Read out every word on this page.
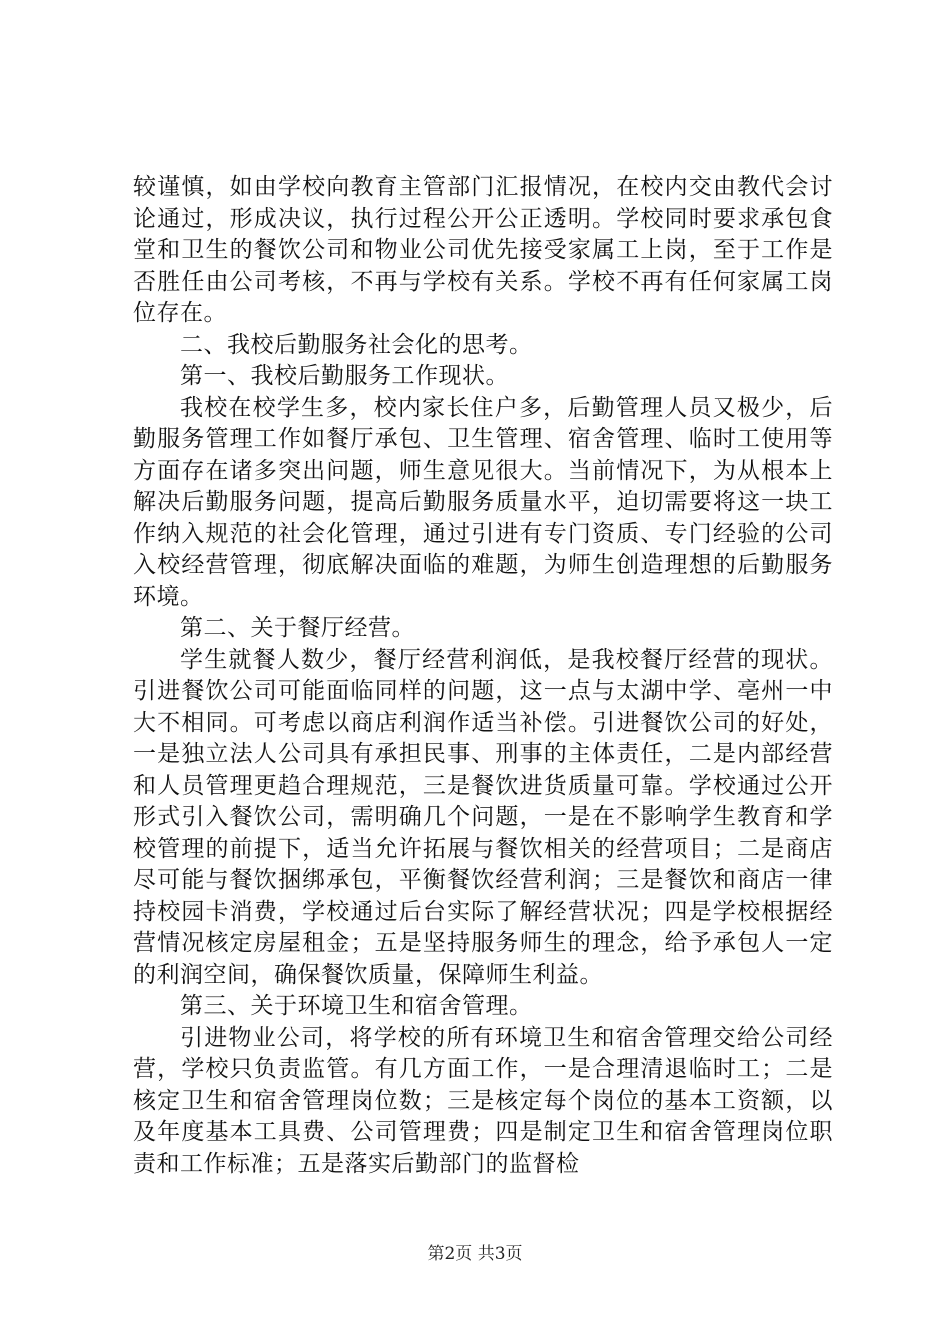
较谨慎，如由学校向教育主管部门汇报情况，在校内交由教代会讨论通过，形成决议，执行过程公开公正透明。学校同时要求承包食堂和卫生的餐饮公司和物业公司优先接受家属工上岗，至于工作是否胜任由公司考核，不再与学校有关系。学校不再有任何家属工岗位存在。

二、我校后勤服务社会化的思考。

第一、我校后勤服务工作现状。

我校在校学生多，校内家长住户多，后勤管理人员又极少，后勤服务管理工作如餐厅承包、卫生管理、宿舍管理、临时工使用等方面存在诸多突出问题，师生意见很大。当前情况下，为从根本上解决后勤服务问题，提高后勤服务质量水平，迫切需要将这一块工作纳入规范的社会化管理，通过引进有专门资质、专门经验的公司入校经营管理，彻底解决面临的难题，为师生创造理想的后勤服务环境。

第二、关于餐厅经营。

学生就餐人数少，餐厅经营利润低，是我校餐厅经营的现状。引进餐饮公司可能面临同样的问题，这一点与太湖中学、亳州一中大不相同。可考虑以商店利润作适当补偿。引进餐饮公司的好处，一是独立法人公司具有承担民事、刑事的主体责任，二是内部经营和人员管理更趋合理规范，三是餐饮进货质量可靠。学校通过公开形式引入餐饮公司，需明确几个问题，一是在不影响学生教育和学校管理的前提下，适当允许拓展与餐饮相关的经营项目；二是商店尽可能与餐饮捆绑承包，平衡餐饮经营利润；三是餐饮和商店一律持校园卡消费，学校通过后台实际了解经营状况；四是学校根据经营情况核定房屋租金；五是坚持服务师生的理念，给予承包人一定的利润空间，确保餐饮质量，保障师生利益。

第三、关于环境卫生和宿舍管理。

引进物业公司，将学校的所有环境卫生和宿舍管理交给公司经营，学校只负责监管。有几方面工作，一是合理清退临时工；二是核定卫生和宿舍管理岗位数；三是核定每个岗位的基本工资额，以及年度基本工具费、公司管理费；四是制定卫生和宿舍管理岗位职责和工作标准；五是落实后勤部门的监督检

第2页 共3页
